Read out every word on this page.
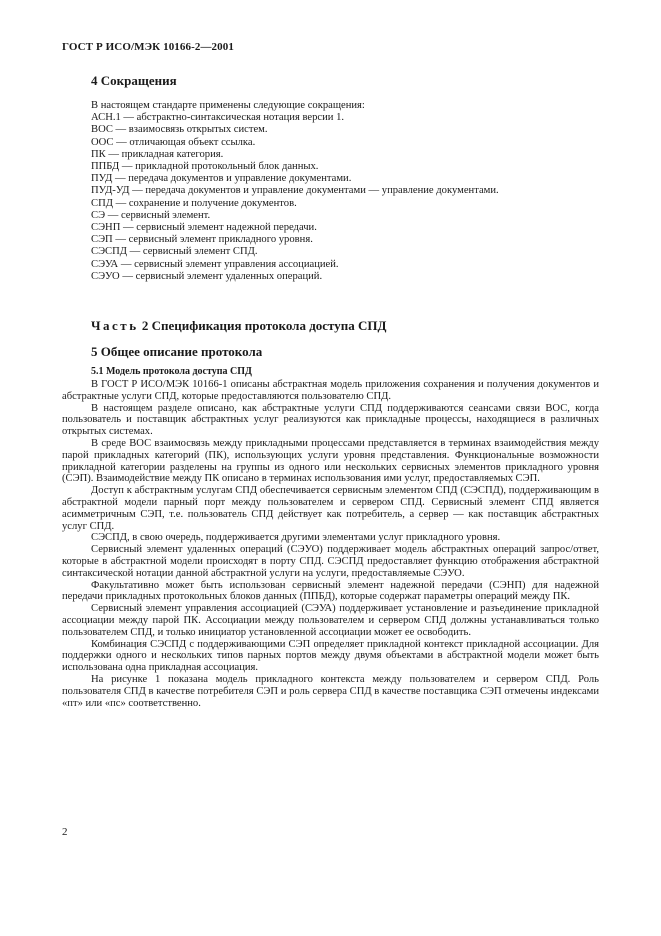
ГОСТ Р ИСО/МЭК 10166-2—2001
4 Сокращения
В настоящем стандарте применены следующие сокращения:
АСН.1 — абстрактно-синтаксическая нотация версии 1.
ВОС — взаимосвязь открытых систем.
ООС — отличающая объект ссылка.
ПК — прикладная категория.
ППБД — прикладной протокольный блок данных.
ПУД — передача документов и управление документами.
ПУД-УД — передача документов и управление документами — управление документами.
СПД — сохранение и получение документов.
СЭ — сервисный элемент.
СЭНП — сервисный элемент надежной передачи.
СЭП — сервисный элемент прикладного уровня.
СЭСПД — сервисный элемент СПД.
СЭУА — сервисный элемент управления ассоциацией.
СЭУО — сервисный элемент удаленных операций.
Часть 2 Спецификация протокола доступа СПД
5 Общее описание протокола
5.1 Модель протокола доступа СПД

В ГОСТ Р ИСО/МЭК 10166-1 описаны абстрактная модель приложения сохранения и получения документов и абстрактные услуги СПД, которые предоставляются пользователю СПД.

В настоящем разделе описано, как абстрактные услуги СПД поддерживаются сеансами связи ВОС, когда пользователь и поставщик абстрактных услуг реализуются как прикладные процессы, находящиеся в различных открытых системах.

В среде ВОС взаимосвязь между прикладными процессами представляется в терминах взаимодействия между парой прикладных категорий (ПК), использующих услуги уровня представления. Функциональные возможности прикладной категории разделены на группы из одного или нескольких сервисных элементов прикладного уровня (СЭП). Взаимодействие между ПК описано в терминах использования ими услуг, предоставляемых СЭП.

Доступ к абстрактным услугам СПД обеспечивается сервисным элементом СПД (СЭСПД), поддерживающим в абстрактной модели парный порт между пользователем и сервером СПД. Сервисный элемент СПД является асимметричным СЭП, т.е. пользователь СПД действует как потребитель, а сервер — как поставщик абстрактных услуг СПД.

СЭСПД, в свою очередь, поддерживается другими элементами услуг прикладного уровня.

Сервисный элемент удаленных операций (СЭУО) поддерживает модель абстрактных операций запрос/ответ, которые в абстрактной модели происходят в порту СПД. СЭСПД предоставляет функцию отображения абстрактной синтаксической нотации данной абстрактной услуги на услуги, предоставляемые СЭУО.

Факультативно может быть использован сервисный элемент надежной передачи (СЭНП) для надежной передачи прикладных протокольных блоков данных (ППБД), которые содержат параметры операций между ПК.

Сервисный элемент управления ассоциацией (СЭУА) поддерживает установление и разъединение прикладной ассоциации между парой ПК. Ассоциации между пользователем и сервером СПД должны устанавливаться только пользователем СПД, и только инициатор установленной ассоциации может ее освободить.

Комбинация СЭСПД с поддерживающими СЭП определяет прикладной контекст прикладной ассоциации. Для поддержки одного и нескольких типов парных портов между двумя объектами в абстрактной модели может быть использована одна прикладная ассоциация.

На рисунке 1 показана модель прикладного контекста между пользователем и сервером СПД. Роль пользователя СПД в качестве потребителя СЭП и роль сервера СПД в качестве поставщика СЭП отмечены индексами «пт» или «пс» соответственно.

2
